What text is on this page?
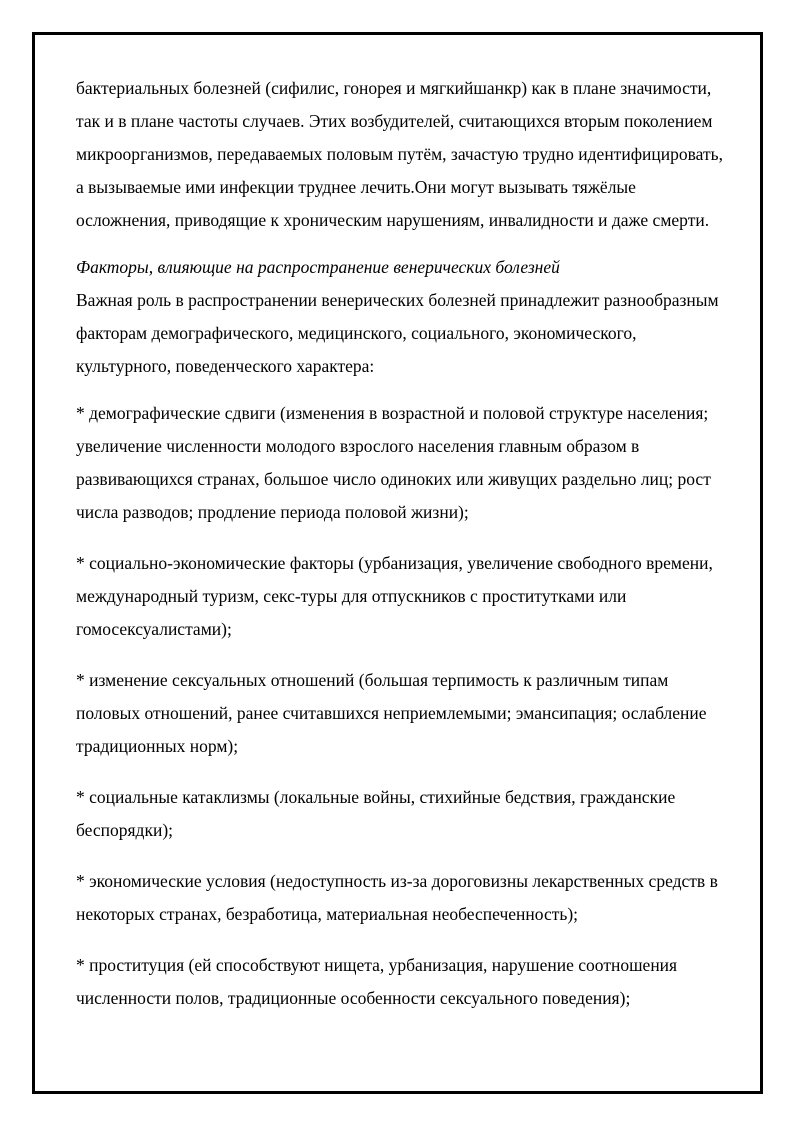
бактериальных болезней (сифилис, гонорея и мягкийшанкр) как в плане значимости, так и в плане частоты случаев. Этих возбудителей, считающихся вторым поколением микроорганизмов, передаваемых половым путём, зачастую трудно идентифицировать, а вызываемые ими инфекции труднее лечить.Они могут вызывать тяжёлые осложнения, приводящие к хроническим нарушениям, инвалидности и даже смерти.

Факторы, влияющие на распространение венерических болезней

Важная роль в распространении венерических болезней принадлежит разнообразным факторам демографического, медицинского, социального, экономического, культурного, поведенческого характера:

* демографические сдвиги (изменения в возрастной и половой структуре населения; увеличение численности молодого взрослого населения главным образом в развивающихся странах, большое число одиноких или живущих раздельно лиц; рост числа разводов; продление периода половой жизни);

* социально-экономические факторы (урбанизация, увеличение свободного времени, международный туризм, секс-туры для отпускников с проститутками или гомосексуалистами);

* изменение сексуальных отношений (большая терпимость к различным типам половых отношений, ранее считавшихся неприемлемыми; эмансипация; ослабление традиционных норм);

* социальные катаклизмы (локальные войны, стихийные бедствия, гражданские беспорядки);

* экономические условия (недоступность из-за дороговизны лекарственных средств в некоторых странах, безработица, материальная необеспеченность);

* проституция (ей способствуют нищета, урбанизация, нарушение соотношения численности полов, традиционные особенности сексуального поведения);
